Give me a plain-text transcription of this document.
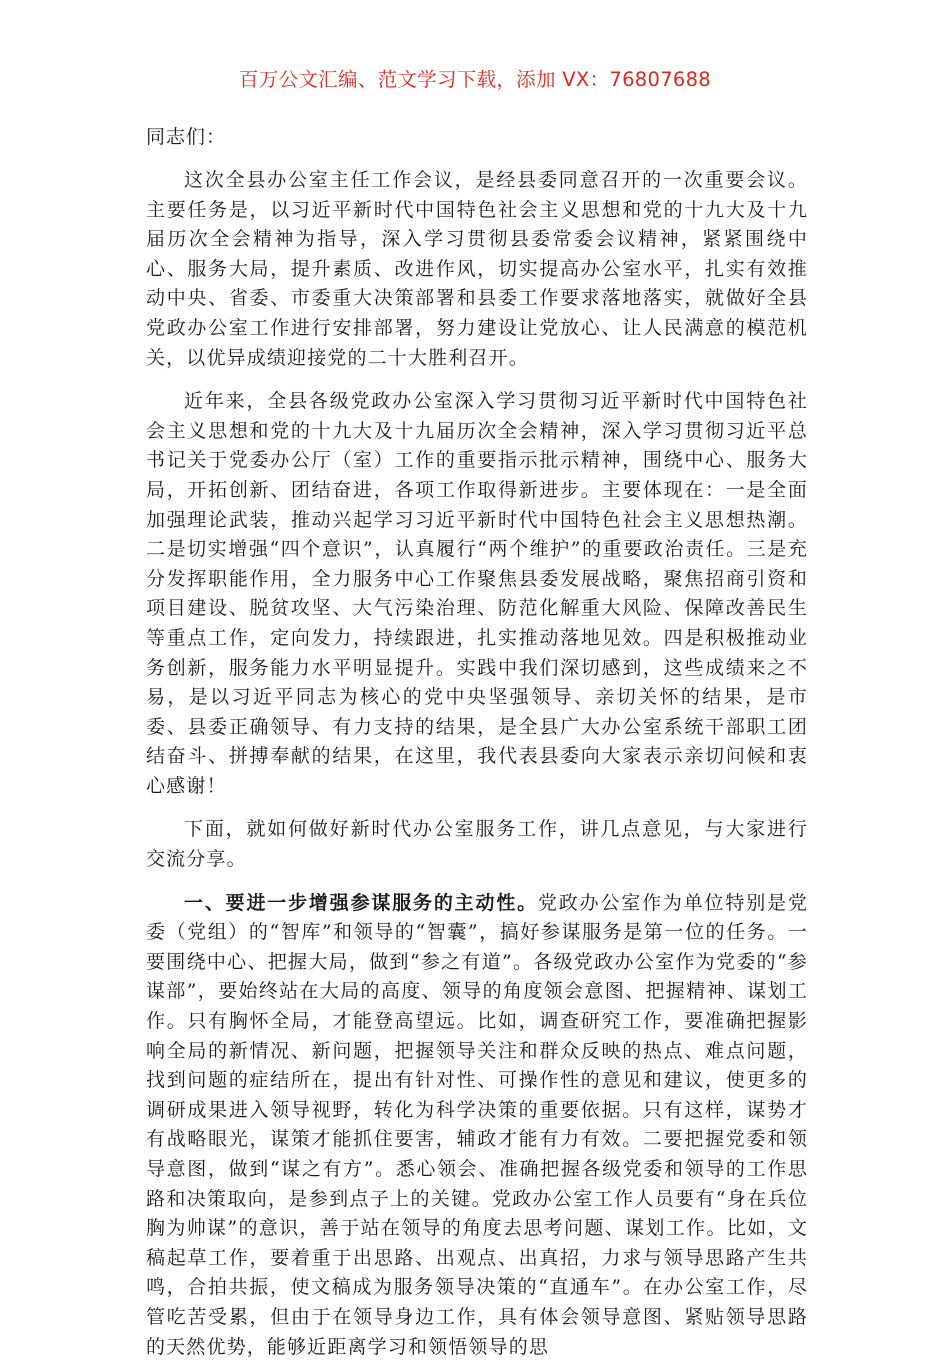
百万公文汇编、范文学习下载，添加 VX：76807688

同志们：

这次全县办公室主任工作会议，是经县委同意召开的一次重要会议。主要任务是，以习近平新时代中国特色社会主义思想和党的十九大及十九届历次全会精神为指导，深入学习贯彻县委常委会议精神，紧紧围绕中心、服务大局，提升素质、改进作风，切实提高办公室水平，扎实有效推动中央、省委、市委重大决策部署和县委工作要求落地落实，就做好全县党政办公室工作进行安排部署，努力建设让党放心、让人民满意的模范机关，以优异成绩迎接党的二十大胜利召开。

近年来，全县各级党政办公室深入学习贯彻习近平新时代中国特色社会主义思想和党的十九大及十九届历次全会精神，深入学习贯彻习近平总书记关于党委办公厅（室）工作的重要指示批示精神，围绕中心、服务大局，开拓创新、团结奋进，各项工作取得新进步。主要体现在：一是全面加强理论武装，推动兴起学习习近平新时代中国特色社会主义思想热潮。二是切实增强“四个意识”，认真履行“两个维护”的重要政治责任。三是充分发挥职能作用，全力服务中心工作聚焦县委发展战略，聚焦招商引资和项目建设、脱贫攻坚、大气污染治理、防范化解重大风险、保障改善民生等重点工作，定向发力，持续跟进，扎实推动落地见效。四是积极推动业务创新，服务能力水平明显提升。实践中我们深切感到，这些成绩来之不易，是以习近平同志为核心的党中央坚强领导、亲切关怀的结果，是市委、县委正确领导、有力支持的结果，是全县广大办公室系统干部职工团结奋斗、拼搏奉献的结果，在这里，我代表县委向大家表示亲切问候和衷心感谢！

下面，就如何做好新时代办公室服务工作，讲几点意见，与大家进行交流分享。

一、要进一步增强参谋服务的主动性。党政办公室作为单位特别是党委（党组）的“智库”和领导的“智囊”，搞好参谋服务是第一位的任务。一要围绕中心、把握大局，做到“参之有道”。各级党政办公室作为党委的“参谋部”，要始终站在大局的高度、领导的角度领会意图、把握精神、谋划工作。只有胸怀全局，才能登高望远。比如，调查研究工作，要准确把握影响全局的新情况、新问题，把握领导关注和群众反映的热点、难点问题，找到问题的症结所在，提出有针对性、可操作性的意见和建议，使更多的调研成果进入领导视野，转化为科学决策的重要依据。只有这样，谋势才有战略眼光，谋策才能抓住要害，辅政才能有力有效。二要把握党委和领导意图，做到“谋之有方”。悉心领会、准确把握各级党委和领导的工作思路和决策取向，是参到点子上的关键。党政办公室工作人员要有“身在兵位胸为帅谋”的意识，善于站在领导的角度去思考问题、谋划工作。比如，文稿起草工作，要着重于出思路、出观点、出真招，力求与领导思路产生共鸣，合拍共振，使文稿成为服务领导决策的“直通车”。在办公室工作，尽管吃苦受累，但由于在领导身边工作，具有体会领导意图、紧贴领导思路的天然优势，能够近距离学习和领悟领导的思
